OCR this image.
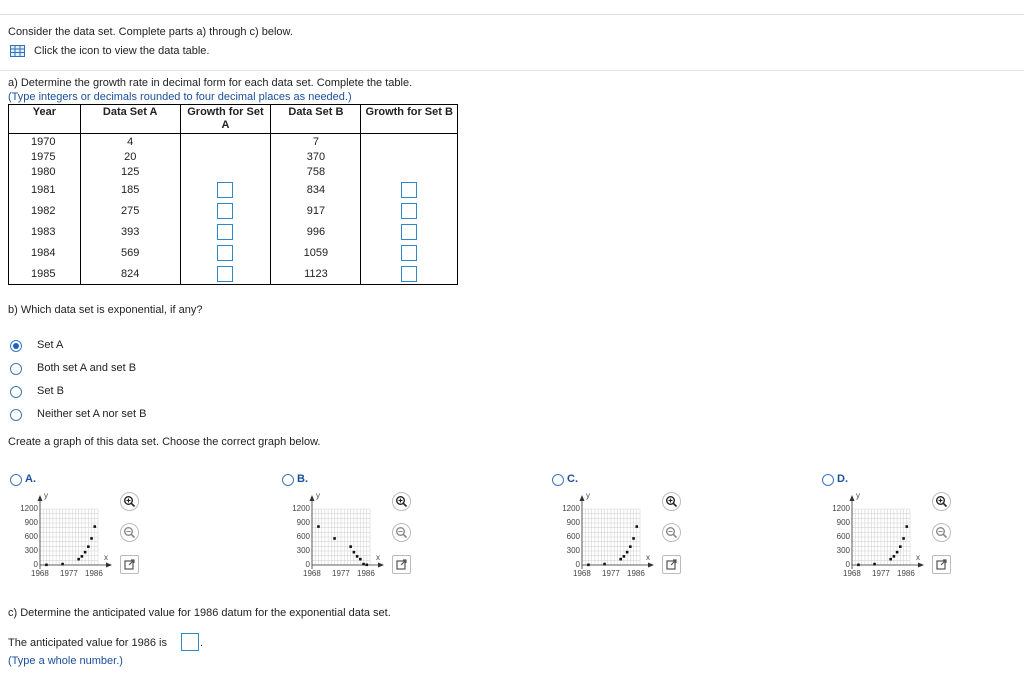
Consider the data set. Complete parts a) through c) below.
Click the icon to view the data table.
a) Determine the growth rate in decimal form for each data set. Complete the table.
(Type integers or decimals rounded to four decimal places as needed.)
Year	Data Set A	Growth for Set A	Data Set B	Growth for Set B
1970	4		7	
1975	20		370	
1980	125		758	
1981	185		834	
1982	275		917	
1983	393		996	
1984	569		1059	
1985	824		1123	
b) Which data set is exponential, if any?
Set A
Both set A and set B
Set B
Neither set A nor set B
Create a graph of this data set. Choose the correct graph below.
A.
y
x
1200
900
600
300
0
1968 1977 1986
B.
y
x
1200
900
600
300
0
1968 1977 1986
C.
y
x
1200
900
600
300
0
1968 1977 1986
D.
y
x
1200
900
600
300
0
1968 1977 1986
c) Determine the anticipated value for 1986 datum for the exponential data set.
The anticipated value for 1986 is	.
(Type a whole number.)
